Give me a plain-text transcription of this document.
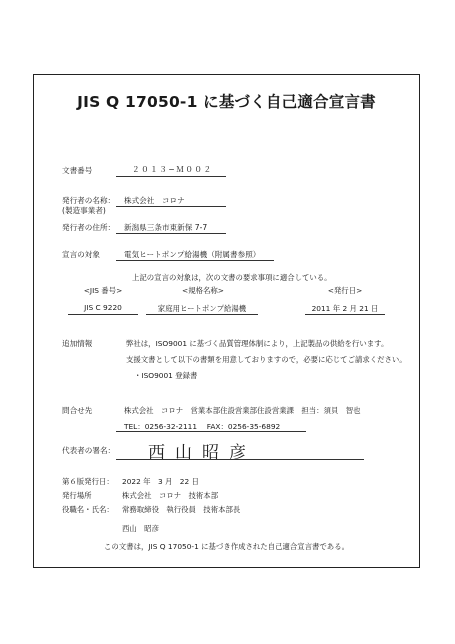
JIS Q 17050-1 に基づく自己適合宣言書
文書番号	２０１３−Ｍ００２
発行者の名称：
(製造事業者)
株式会社　コロナ
発行者の住所： 新潟県三条市東新保 7-7
宣言の対象	電気ヒートポンプ給湯機（附属書参照）
上記の宣言の対象は，次の文書の要求事項に適合している。
<JIS 番号>	<規格名称>	<発行日>
JIS C 9220	家庭用ヒートポンプ給湯機	2011 年 2 月 21 日
追加情報	弊社は，ISO9001 に基づく品質管理体制により，上記製品の供給を行います。
支援文書として以下の書類を用意しておりますので，必要に応じてご請求ください。
・ISO9001 登録書
問合せ先	株式会社　コロナ　営業本部住設営業部住設営業課　担当：須貝　智也
TEL：0256-32-2111　 FAX：0256-35-6892
代表者の署名： 西山昭彦
第６版発行日： 2022 年　3 月　22 日
発行場所	株式会社　コロナ　技術本部
役職名・氏名： 常務取締役　執行役員　技術本部長
西山　昭彦
この文書は，JIS Q 17050-1 に基づき作成された自己適合宣言書である。
